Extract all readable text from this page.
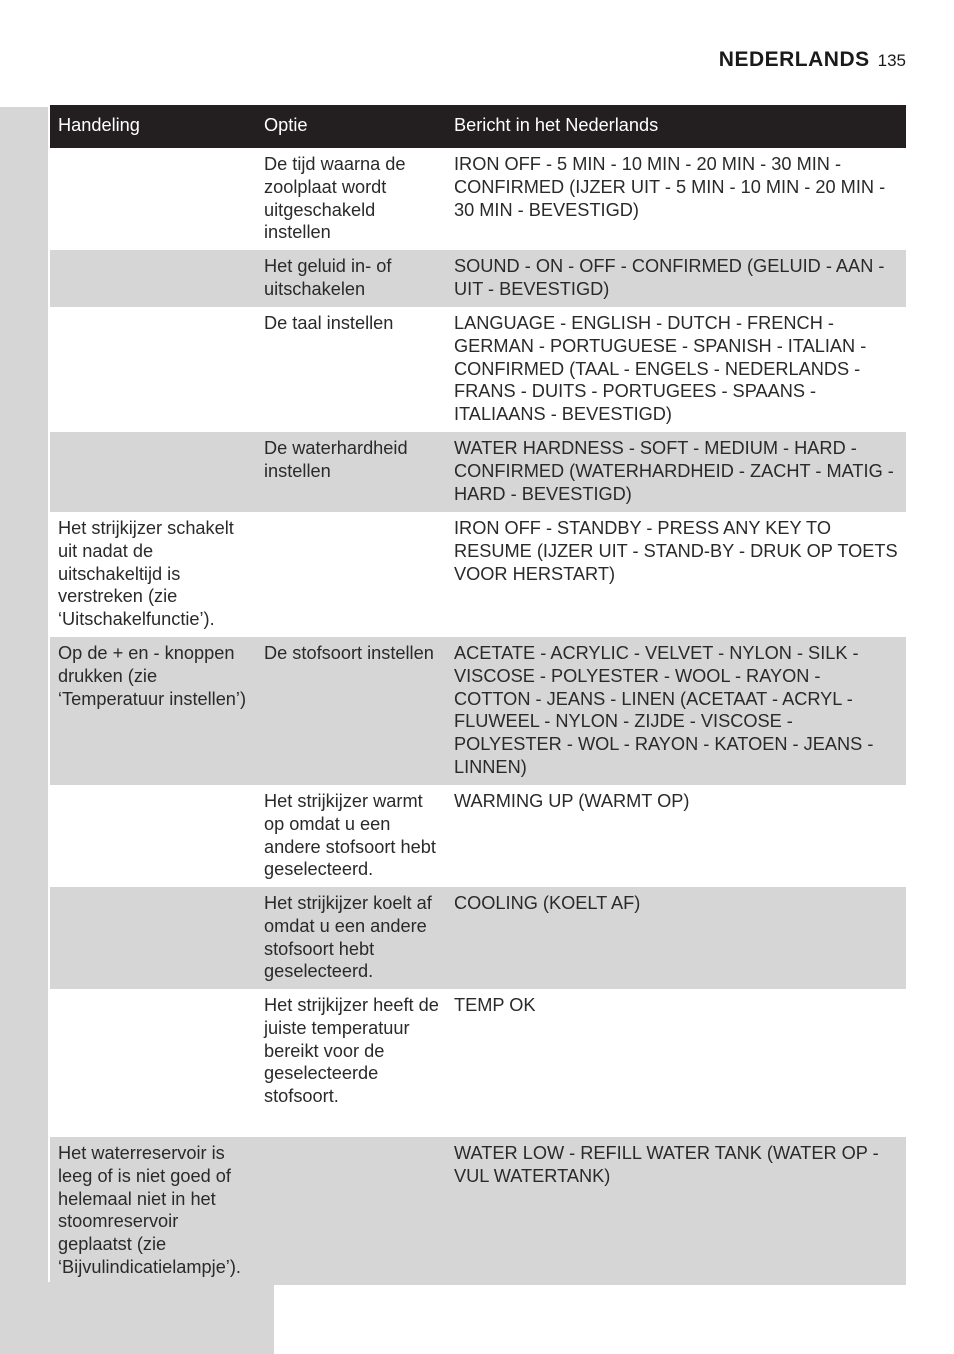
NEDERLANDS 135
Handeling	Optie	Bericht in het Nederlands
	De tijd waarna de zoolplaat wordt uitgeschakeld instellen	IRON OFF - 5 MIN - 10 MIN - 20 MIN - 30 MIN - CONFIRMED (IJZER UIT - 5 MIN - 10 MIN - 20 MIN - 30 MIN - BEVESTIGD)
	Het geluid in- of uitschakelen	SOUND - ON - OFF - CONFIRMED (GELUID - AAN - UIT - BEVESTIGD)
	De taal instellen	LANGUAGE - ENGLISH - DUTCH - FRENCH - GERMAN - PORTUGUESE - SPANISH - ITALIAN - CONFIRMED (TAAL - ENGELS - NEDERLANDS - FRANS - DUITS - PORTUGEES - SPAANS - ITALIAANS - BEVESTIGD)
	De waterhardheid instellen	WATER HARDNESS - SOFT - MEDIUM - HARD - CONFIRMED (WATERHARDHEID - ZACHT - MATIG - HARD - BEVESTIGD)
Het strijkijzer schakelt uit nadat de uitschakeltijd is verstreken (zie ‘Uitschakelfunctie’).		IRON OFF - STANDBY - PRESS ANY KEY TO RESUME (IJZER UIT - STAND-BY - DRUK OP TOETS VOOR HERSTART)
Op de + en - knoppen drukken (zie ‘Temperatuur instellen’)	De stofsoort instellen	ACETATE - ACRYLIC - VELVET - NYLON - SILK - VISCOSE - POLYESTER - WOOL - RAYON - COTTON - JEANS - LINEN (ACETAAT - ACRYL - FLUWEEL - NYLON - ZIJDE - VISCOSE - POLYESTER - WOL - RAYON - KATOEN - JEANS - LINNEN)
	Het strijkijzer warmt op omdat u een andere stofsoort hebt geselecteerd.	WARMING UP (WARMT OP)
	Het strijkijzer koelt af omdat u een andere stofsoort hebt geselecteerd.	COOLING (KOELT AF)
	Het strijkijzer heeft de juiste temperatuur bereikt voor de geselecteerde stofsoort.	TEMP OK
Het waterreservoir is leeg of is niet goed of helemaal niet in het stoomreservoir geplaatst (zie ‘Bijvulindicatielampje’).		WATER LOW - REFILL WATER TANK (WATER OP - VUL WATERTANK)
